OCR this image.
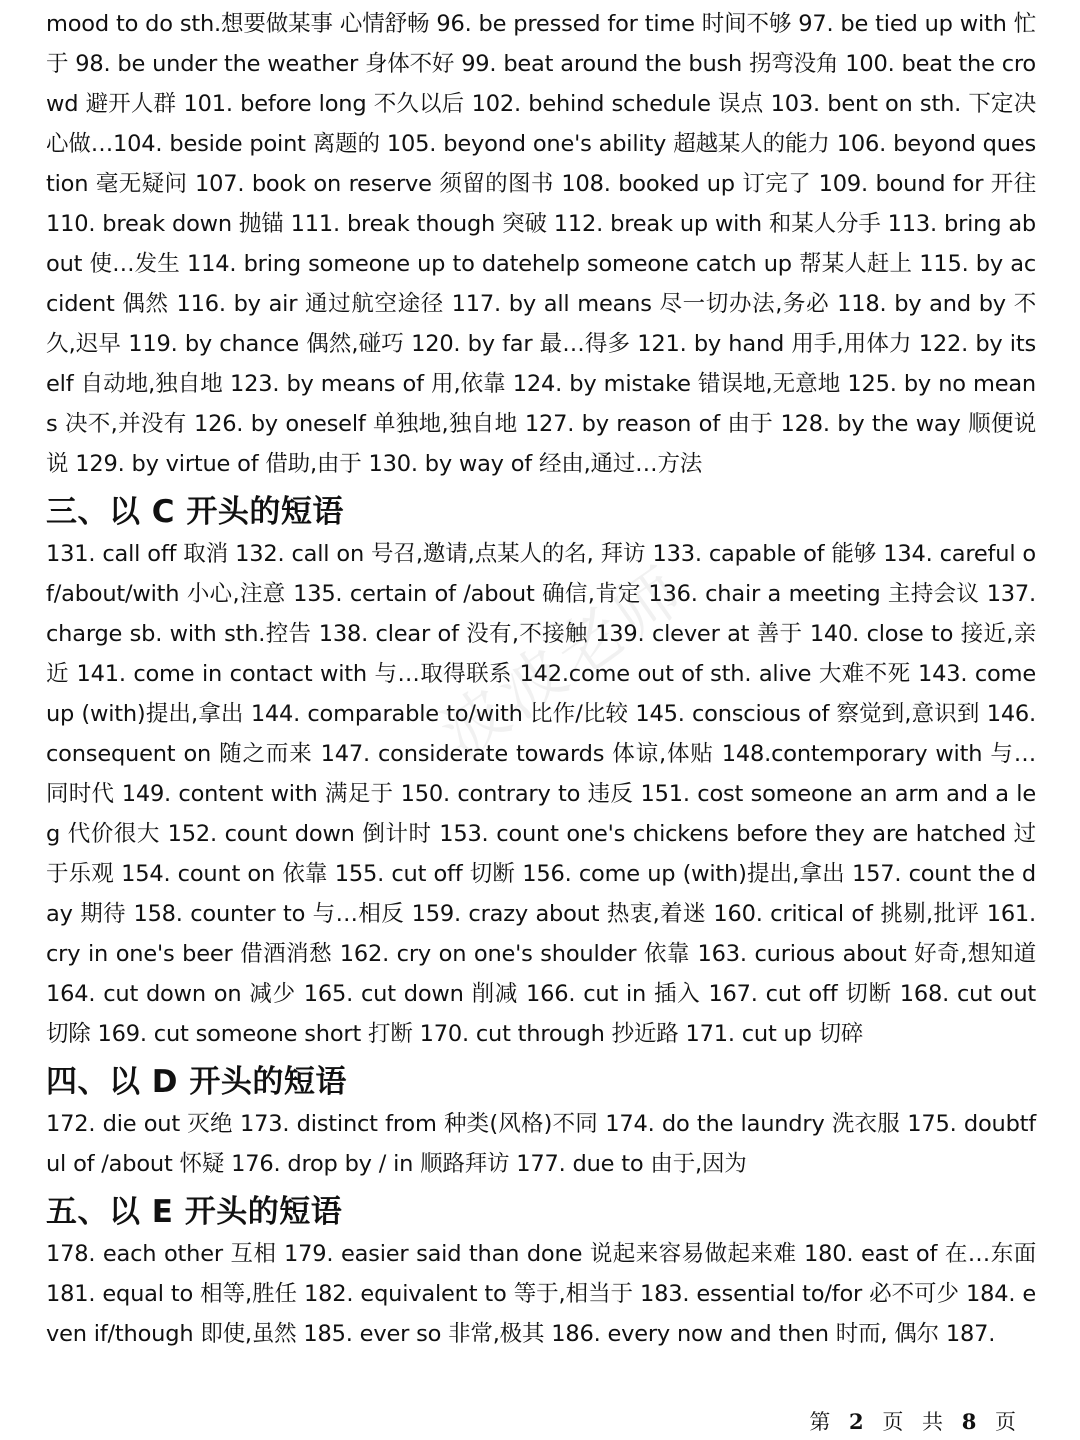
mood to do sth.想要做某事 心情舒畅 96. be pressed for time 时间不够 97. be tied up with 忙于 98. be under the weather 身体不好 99. beat around the bush 拐弯没角 100. beat the crowd 避开人群 101. before long 不久以后 102. behind schedule 误点 103. bent on sth. 下定决心做…104. beside point 离题的 105. beyond one's ability 超越某人的能力 106. beyond question 毫无疑问 107. book on reserve 须留的图书 108. booked up 订完了 109. bound for 开往 110. break down 抛锚 111. break though 突破 112. break up with 和某人分手 113. bring about 使…发生 114. bring someone up to datehelp someone catch up 帮某人赶上 115. by accident 偶然 116. by air 通过航空途径 117. by all means 尽一切办法,务必 118. by and by 不久,迟早 119. by chance 偶然,碰巧 120. by far 最…得多 121. by hand 用手,用体力 122. by itself 自动地,独自地 123. by means of 用,依靠 124. by mistake 错误地,无意地 125. by no means 决不,并没有 126. by oneself 单独地,独自地 127. by reason of 由于 128. by the way 顺便说说 129. by virtue of 借助,由于 130. by way of 经由,通过…方法

三、以 C 开头的短语

131. call off 取消 132. call on 号召,邀请,点某人的名, 拜访 133. capable of 能够 134. careful of/about/with 小心,注意 135. certain of /about 确信,肯定 136. chair a meeting 主持会议 137. charge sb. with sth.控告 138. clear of 没有,不接触 139. clever at 善于 140. close to 接近,亲近 141. come in contact with 与…取得联系 142.come out of sth. alive 大难不死 143. come up (with)提出,拿出 144. comparable to/with 比作/比较 145. conscious of 察觉到,意识到 146. consequent on 随之而来 147. considerate towards 体谅,体贴 148.contemporary with 与…同时代 149. content with 满足于 150. contrary to 违反 151. cost someone an arm and a leg 代价很大 152. count down 倒计时 153. count one's chickens before they are hatched 过于乐观 154. count on 依靠 155. cut off 切断 156. come up (with)提出,拿出 157. count the day 期待 158. counter to 与…相反 159. crazy about 热衷,着迷 160. critical of 挑剔,批评 161. cry in one's beer 借酒消愁 162. cry on one's shoulder 依靠 163. curious about 好奇,想知道 164. cut down on 减少 165. cut down 削减 166. cut in 插入 167. cut off 切断 168. cut out 切除 169. cut someone short 打断 170. cut through 抄近路 171. cut up 切碎

四、以 D 开头的短语

172. die out 灭绝 173. distinct from 种类(风格)不同 174. do the laundry 洗衣服 175. doubtful of /about 怀疑 176. drop by / in 顺路拜访 177. due to 由于,因为

五、以 E 开头的短语

178. each other 互相 179. easier said than done 说起来容易做起来难 180. east of 在…东面 181. equal to 相等,胜任 182. equivalent to 等于,相当于 183. essential to/for 必不可少 184. even if/though 即使,虽然 185. ever so 非常,极其 186. every now and then 时而, 偶尔 187.

波波老师
第 2 页 共 8 页
